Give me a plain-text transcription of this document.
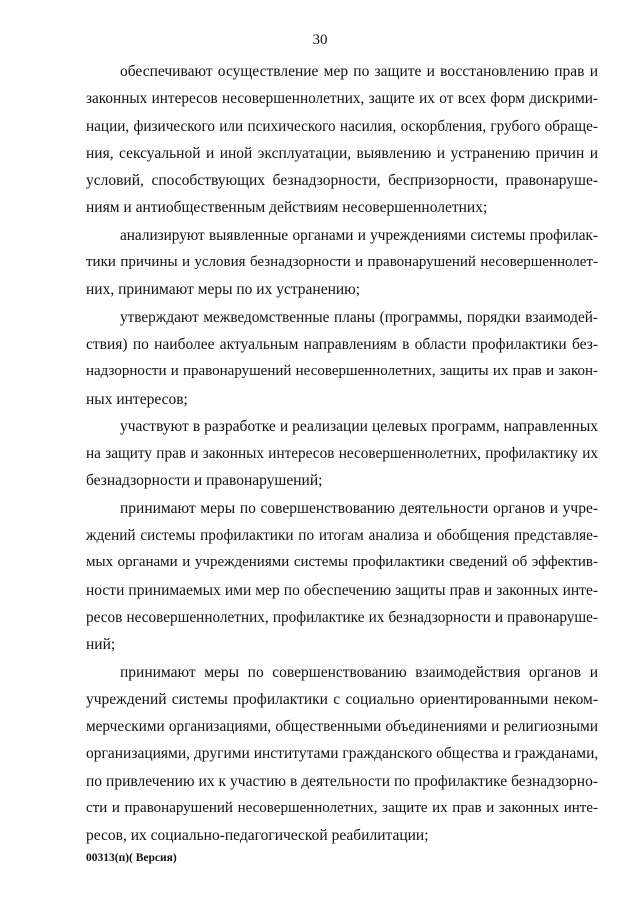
30
обеспечивают осуществление мер по защите и восстановлению прав и
законных интересов несовершеннолетних, защите их от всех форм дискрими-
нации, физического или психического насилия, оскорбления, грубого обраще-
ния, сексуальной и иной эксплуатации, выявлению и устранению причин и
условий, способствующих безнадзорности, беспризорности, правонаруше-
ниям и антиобщественным действиям несовершеннолетних;
анализируют выявленные органами и учреждениями системы профилак-
тики причины и условия безнадзорности и правонарушений несовершеннолет-
них, принимают меры по их устранению;
утверждают межведомственные планы (программы, порядки взаимодей-
ствия) по наиболее актуальным направлениям в области профилактики без-
надзорности и правонарушений несовершеннолетних, защиты их прав и закон-
ных интересов;
участвуют в разработке и реализации целевых программ, направленных
на защиту прав и законных интересов несовершеннолетних, профилактику их
безнадзорности и правонарушений;
принимают меры по совершенствованию деятельности органов и учре-
ждений системы профилактики по итогам анализа и обобщения представляе-
мых органами и учреждениями системы профилактики сведений об эффектив-
ности принимаемых ими мер по обеспечению защиты прав и законных инте-
ресов несовершеннолетних, профилактике их безнадзорности и правонаруше-
ний;
принимают меры по совершенствованию взаимодействия органов и
учреждений системы профилактики с социально ориентированными неком-
мерческими организациями, общественными объединениями и религиозными
организациями, другими институтами гражданского общества и гражданами,
по привлечению их к участию в деятельности по профилактике безнадзорно-
сти и правонарушений несовершеннолетних, защите их прав и законных инте-
ресов, их социально-педагогической реабилитации;
00313(п)( Версия)
